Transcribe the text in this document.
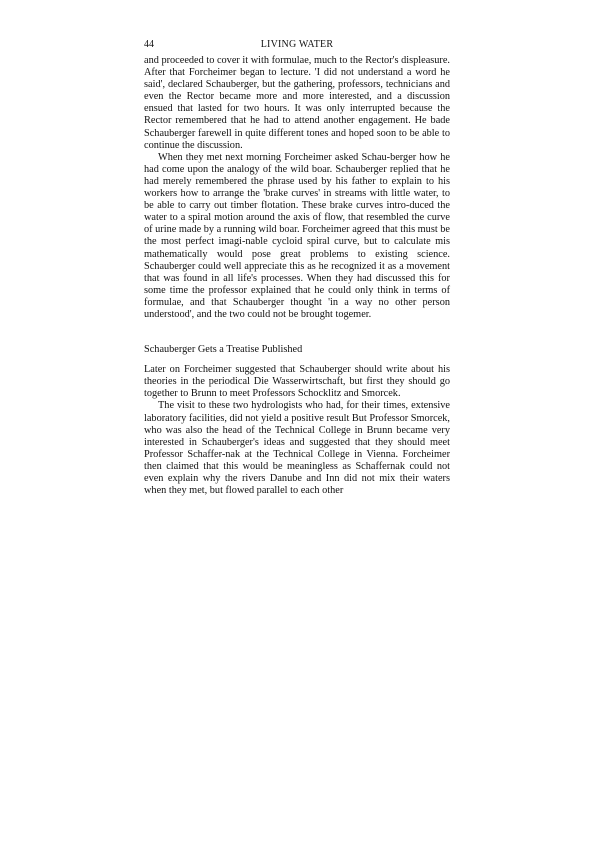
44	LIVING WATER

and proceeded to cover it with formulae, much to the Rector's displeasure. After that Forcheimer began to lecture. 'I did not understand a word he said', declared Schauberger, but the gathering, professors, technicians and even the Rector became more and more interested, and a discussion ensued that lasted for two hours. It was only interrupted because the Rector remembered that he had to attend another engagement. He bade Schauberger farewell in quite different tones and hoped soon to be able to continue the discussion.

When they met next morning Forcheimer asked Schau-berger how he had come upon the analogy of the wild boar. Schauberger replied that he had merely remembered the phrase used by his father to explain to his workers how to arrange the 'brake curves' in streams with little water, to be able to carry out timber flotation. These brake curves intro-duced the water to a spiral motion around the axis of flow, that resembled the curve of urine made by a running wild boar. Forcheimer agreed that this must be the most perfect imagi-nable cycloid spiral curve, but to calculate mis mathematically would pose great problems to existing science. Schauberger could well appreciate this as he recognized it as a movement that was found in all life's processes. When they had discussed this for some time the professor explained that he could only think in terms of formulae, and that Schauberger thought 'in a way no other person understood', and the two could not be brought togemer.

Schauberger Gets a Treatise Published

Later on Forcheimer suggested that Schauberger should write about his theories in the periodical Die Wasserwirtschaft, but first they should go together to Brunn to meet Professors Schocklitz and Smorcek.

The visit to these two hydrologists who had, for their times, extensive laboratory facilities, did not yield a positive result But Professor Smorcek, who was also the head of the Technical College in Brunn became very interested in Schauberger's ideas and suggested that they should meet Professor Schaffer-nak at the Technical College in Vienna. Forcheimer then claimed that this would be meaningless as Schaffernak could not even explain why the rivers Danube and Inn did not mix their waters when they met, but flowed parallel to each other
